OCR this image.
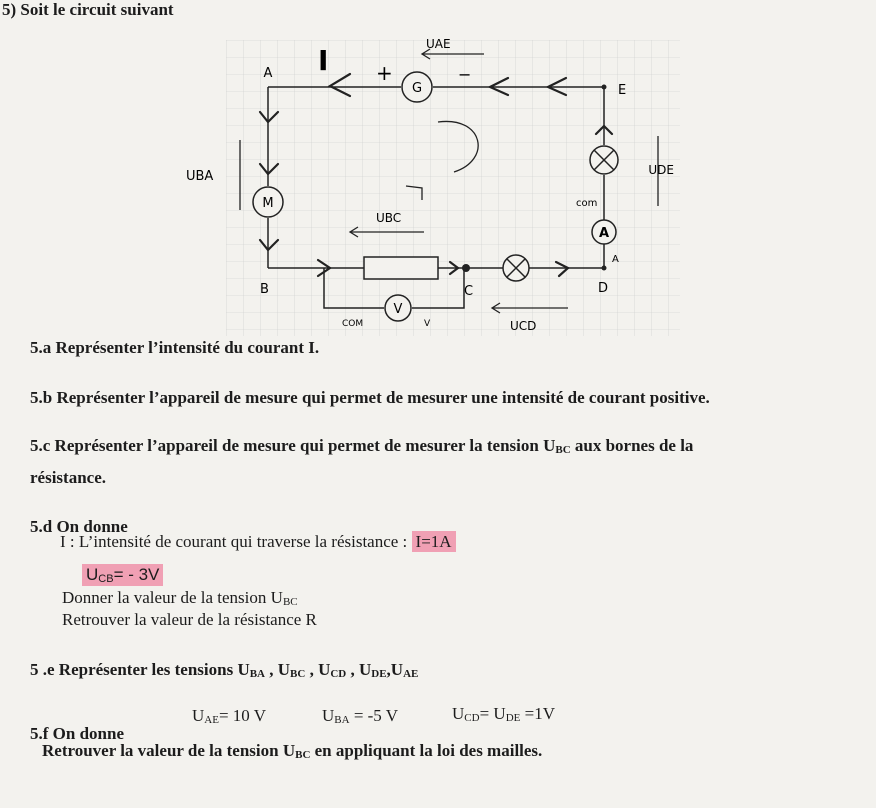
5) Soit le circuit suivant
G
M
A
V
A
E
B	C	D
+	−
com
A
COM	V
I	UAE
UBA
UBC
UDE
UCD
5.a Représenter l’intensité du courant I.
5.b Représenter l’appareil de mesure qui permet de mesurer une intensité de courant positive.
5.c Représenter l’appareil de mesure qui permet de mesurer la tension $U_{BC}$ aux bornes de la
résistance.
5.d On donne
I : L’intensité de courant qui traverse la résistance : I=1A
$U_{CB}= - 3V$
Donner la valeur de la tension $U_{BC}$
Retrouver la valeur de la résistance R
5 .e Représenter les tensions $U_{BA}$ , $U_{BC}$ , $U_{CD}$ , $U_{DE},U_{AE}$
5.f On donne
$U_{AE}= 10$ V	$U_{BA} = -5$ V	$U_{CD}= U_{DE} =1V$
Retrouver la valeur de la tension $U_{BC}$ en appliquant la loi des mailles.
